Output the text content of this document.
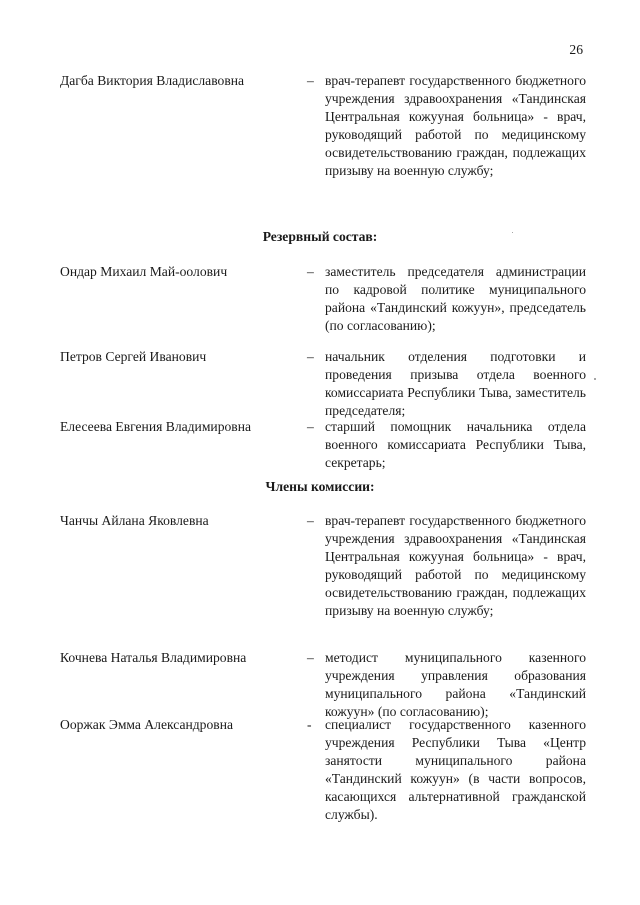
26
Дагба Виктория Владиславовна	– врач-терапевт государственного бюджетного учреждения здравоохранения «Тандинская Центральная кожууная больница» - врач, руководящий работой по медицинскому освидетельствованию граждан, подлежащих призыву на военную службу;
Резервный состав:
Ондар Михаил Май-оолович	– заместитель председателя администрации по кадровой политике муниципального района «Тандинский кожуун», председатель (по согласованию);
Петров Сергей Иванович	– начальник отделения подготовки и проведения призыва отдела военного комиссариата Республики Тыва, заместитель председателя;
Елесеева Евгения Владимировна	– старший помощник начальника отдела военного комиссариата Республики Тыва, секретарь;
Члены комиссии:
Чанчы Айлана Яковлевна	– врач-терапевт государственного бюджетного учреждения здравоохранения «Тандинская Центральная кожууная больница» - врач, руководящий работой по медицинскому освидетельствованию граждан, подлежащих призыву на военную службу;
Кочнева Наталья Владимировна	– методист муниципального казенного учреждения управления образования муниципального района «Тандинский кожуун» (по согласованию);
Ооржак Эмма Александровна	- специалист государственного казенного учреждения Республики Тыва «Центр занятости муниципального района «Тандинский кожуун» (в части вопросов, касающихся альтернативной гражданской службы).
